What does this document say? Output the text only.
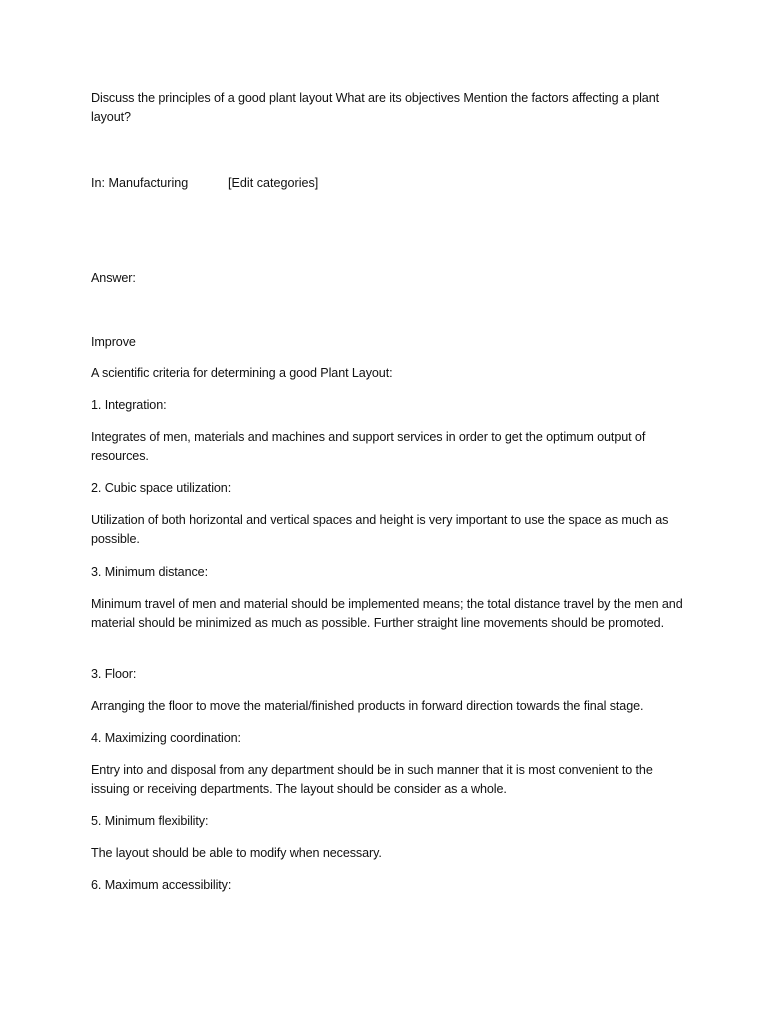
Discuss the principles of a good plant layout What are its objectives Mention the factors affecting a plant layout?
In: Manufacturing	[Edit categories]
Answer:
Improve
A scientific criteria for determining a good Plant Layout:
1. Integration:
Integrates of men, materials and machines and support services in order to get the optimum output of resources.
2. Cubic space utilization:
Utilization of both horizontal and vertical spaces and height is very important to use the space as much as possible.
3. Minimum distance:
Minimum travel of men and material should be implemented means; the total distance travel by the men and material should be minimized as much as possible. Further straight line movements should be promoted.
3. Floor:
Arranging the floor to move the material/finished products in forward direction towards the final stage.
4. Maximizing coordination:
Entry into and disposal from any department should be in such manner that it is most convenient to the issuing or receiving departments. The layout should be consider as a whole.
5. Minimum flexibility:
The layout should be able to modify when necessary.
6. Maximum accessibility:
